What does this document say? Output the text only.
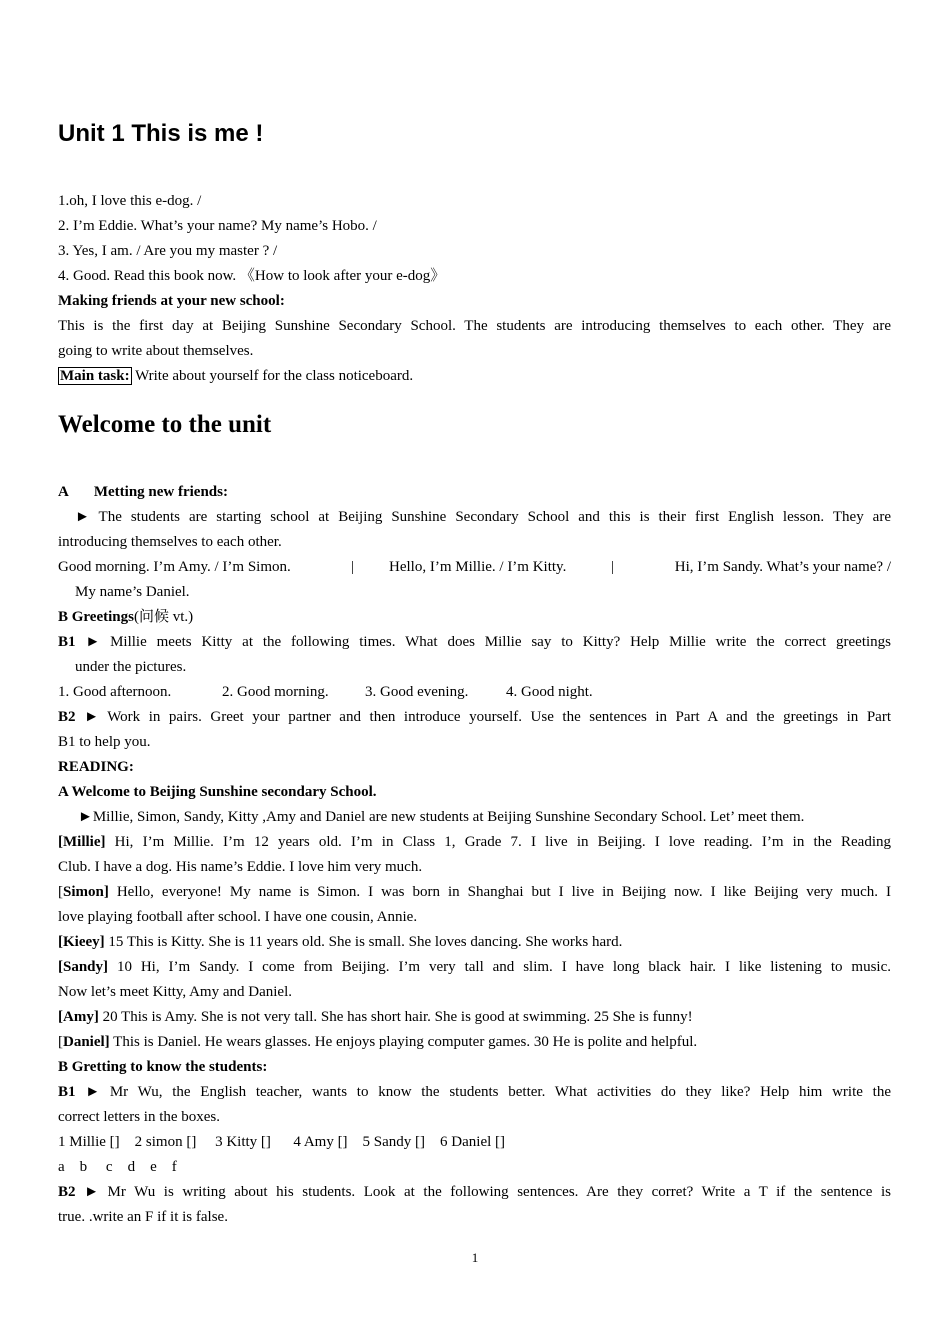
Unit 1 This is me !
1.oh, I love this e-dog. /
2. I’m Eddie. What’s your name? My name’s Hobo. /
3. Yes, I am. / Are you my master ? /
4. Good. Read this book now. 《How to look after your e-dog》
Making friends at your new school:
This is the first day at Beijing Sunshine Secondary School. The students are introducing themselves to each other. They are
going to write about themselves.
Main task: Write about yourself for the class noticeboard.
Welcome to the unit
A Metting new friends:
► The students are starting school at Beijing Sunshine Secondary School and this is their first English lesson. They are
introducing themselves to each other.
Good morning. I’m Amy. / I’m Simon.	| Hello, I’m Millie. / I’m Kitty.	|	Hi, I’m Sandy. What’s your name? /
My name’s Daniel.
B Greetings(问候 vt.)
B1 ► Millie meets Kitty at the following times. What does Millie say to Kitty? Help Millie write the correct greetings
under the pictures.
1. Good afternoon.	2. Good morning. 3. Good evening.	4. Good night.
B2 ► Work in pairs. Greet your partner and then introduce yourself. Use the sentences in Part A and the greetings in Part
B1 to help you.
READING:
A Welcome to Beijing Sunshine secondary School.
►Millie, Simon, Sandy, Kitty ,Amy and Daniel are new students at Beijing Sunshine Secondary School. Let’ meet them.
[Millie] Hi, I’m Millie. I’m 12 years old. I’m in Class 1, Grade 7. I live in Beijing. I love reading. I’m in the Reading
Club. I have a dog. His name’s Eddie. I love him very much.
[Simon] Hello, everyone! My name is Simon. I was born in Shanghai but I live in Beijing now. I like Beijing very much. I
love playing football after school. I have one cousin, Annie.
[Kieey] 15 This is Kitty. She is 11 years old. She is small. She loves dancing. She works hard.
[Sandy] 10 Hi, I’m Sandy. I come from Beijing. I’m very tall and slim. I have long black hair. I like listening to music.
Now let’s meet Kitty, Amy and Daniel.
[Amy] 20 This is Amy. She is not very tall. She has short hair. She is good at swimming. 25 She is funny!
[Daniel] This is Daniel. He wears glasses. He enjoys playing computer games. 30 He is polite and helpful.
B Gretting to know the students:
B1 ► Mr Wu, the English teacher, wants to know the students better. What activities do they like? Help him write the
correct letters in the boxes.
1 Millie []    2 simon []     3 Kitty []      4 Amy []    5 Sandy []    6 Daniel []
a    b     c    d    e    f
B2 ► Mr Wu is writing about his students. Look at the following sentences. Are they corret? Write a T if the sentence is
true. .write an F if it is false.
1
